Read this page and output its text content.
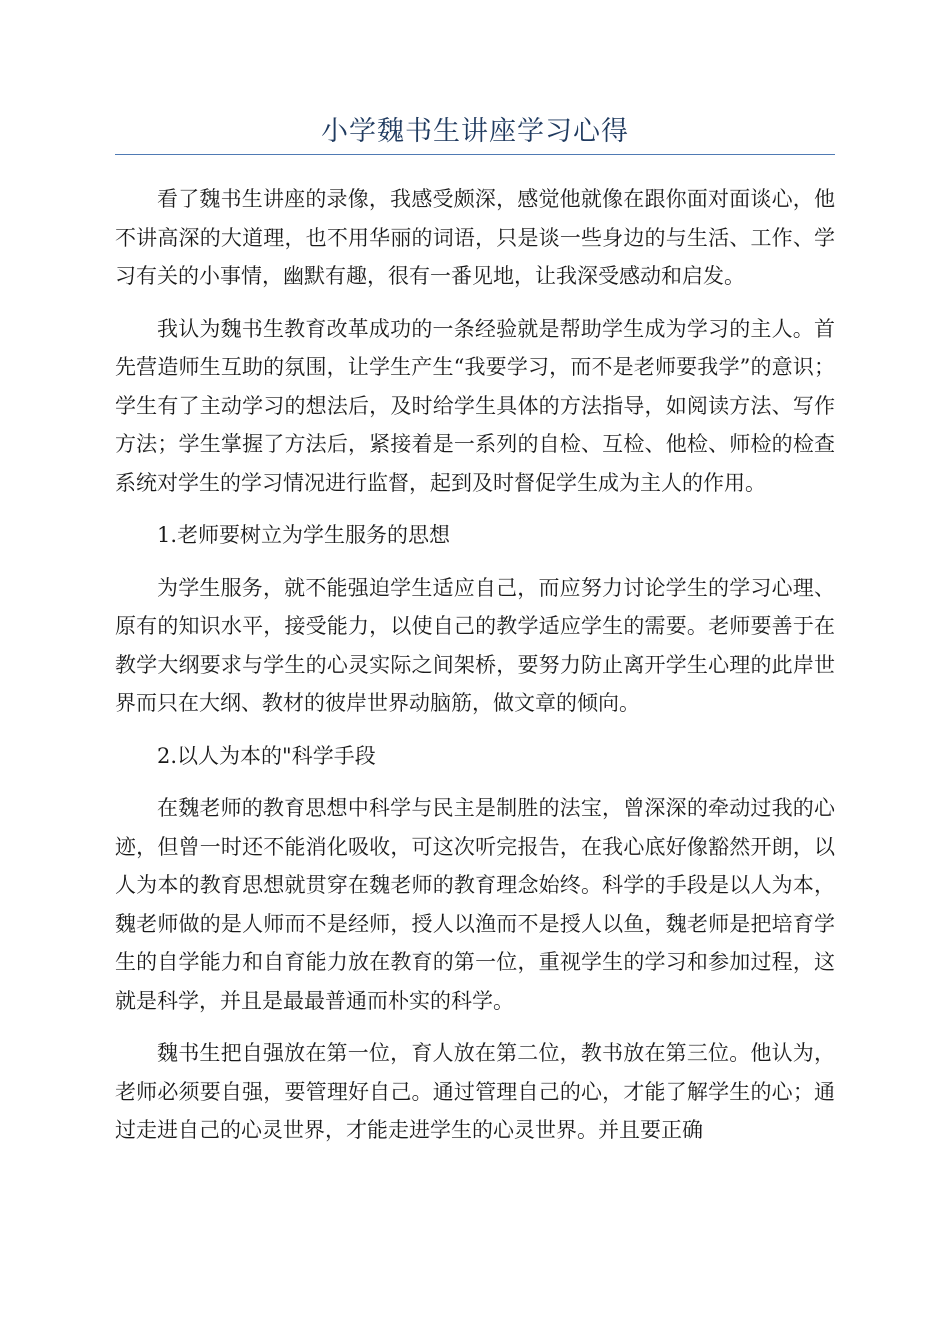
小学魏书生讲座学习心得

看了魏书生讲座的录像，我感受颇深，感觉他就像在跟你面对面谈心，他不讲高深的大道理，也不用华丽的词语，只是谈一些身边的与生活、工作、学习有关的小事情，幽默有趣，很有一番见地，让我深受感动和启发。

我认为魏书生教育改革成功的一条经验就是帮助学生成为学习的主人。首先营造师生互助的氛围，让学生产生“我要学习，而不是老师要我学”的意识；学生有了主动学习的想法后，及时给学生具体的方法指导，如阅读方法、写作方法；学生掌握了方法后，紧接着是一系列的自检、互检、他检、师检的检查系统对学生的学习情况进行监督，起到及时督促学生成为主人的作用。

1.老师要树立为学生服务的思想

为学生服务，就不能强迫学生适应自己，而应努力讨论学生的学习心理、原有的知识水平，接受能力，以使自己的教学适应学生的需要。老师要善于在教学大纲要求与学生的心灵实际之间架桥，要努力防止离开学生心理的此岸世界而只在大纲、教材的彼岸世界动脑筋，做文章的倾向。

2.以人为本的"科学手段

在魏老师的教育思想中科学与民主是制胜的法宝，曾深深的牵动过我的心迹，但曾一时还不能消化吸收，可这次听完报告，在我心底好像豁然开朗，以人为本的教育思想就贯穿在魏老师的教育理念始终。科学的手段是以人为本，魏老师做的是人师而不是经师，授人以渔而不是授人以鱼，魏老师是把培育学生的自学能力和自育能力放在教育的第一位，重视学生的学习和参加过程，这就是科学，并且是最最普通而朴实的科学。

魏书生把自强放在第一位，育人放在第二位，教书放在第三位。他认为，老师必须要自强，要管理好自己。通过管理自己的心，才能了解学生的心；通过走进自己的心灵世界，才能走进学生的心灵世界。并且要正确
